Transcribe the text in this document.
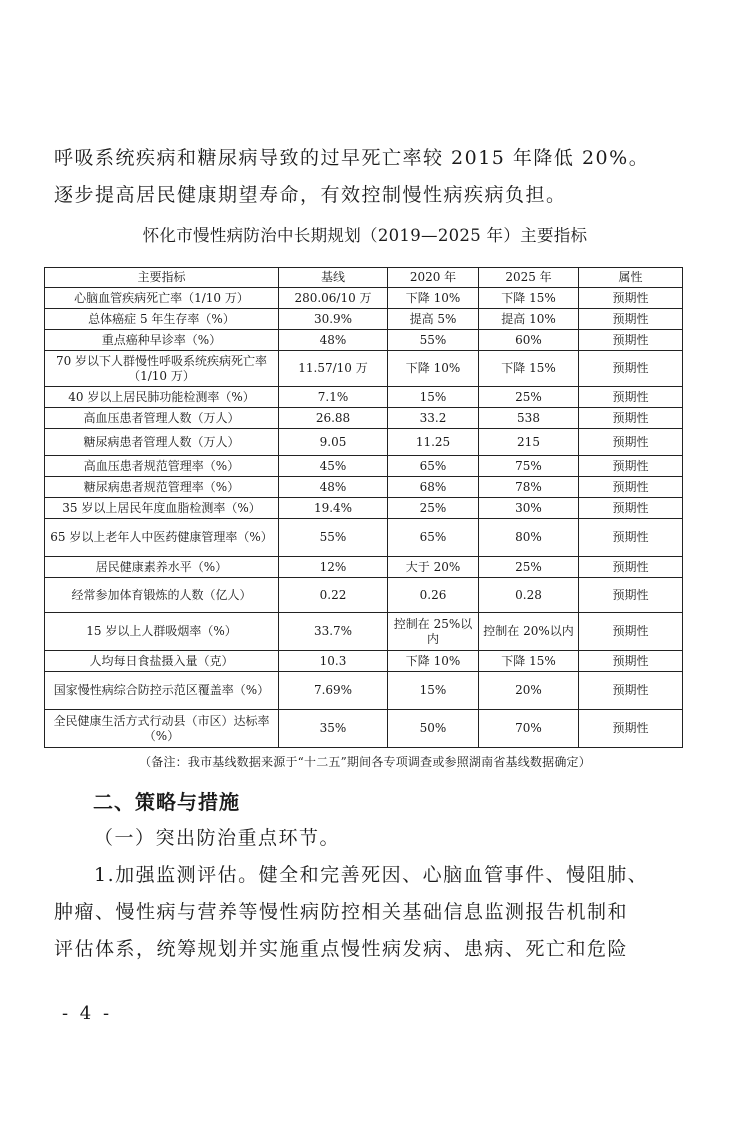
呼吸系统疾病和糖尿病导致的过早死亡率较 2015 年降低 20%。
逐步提高居民健康期望寿命，有效控制慢性病疾病负担。
怀化市慢性病防治中长期规划（2019—2025 年）主要指标
主要指标	基线	2020 年	2025 年	属性
心脑血管疾病死亡率（1/10 万）	280.06/10 万	下降 10%	下降 15%	预期性
总体癌症 5 年生存率（%）	30.9%	提高 5%	提高 10%	预期性
重点癌种早诊率（%）	48%	55%	60%	预期性
70 岁以下人群慢性呼吸系统疾病死亡率（1/10 万）	11.57/10 万	下降 10%	下降 15%	预期性
40 岁以上居民肺功能检测率（%）	7.1%	15%	25%	预期性
高血压患者管理人数（万人）	26.88	33.2	538	预期性
糖尿病患者管理人数（万人）	9.05	11.25	215	预期性
高血压患者规范管理率（%）	45%	65%	75%	预期性
糖尿病患者规范管理率（%）	48%	68%	78%	预期性
35 岁以上居民年度血脂检测率（%）	19.4%	25%	30%	预期性
65 岁以上老年人中医药健康管理率（%）	55%	65%	80%	预期性
居民健康素养水平（%）	12%	大于 20%	25%	预期性
经常参加体育锻炼的人数（亿人）	0.22	0.26	0.28	预期性
15 岁以上人群吸烟率（%）	33.7%	控制在 25%以内	控制在 20%以内	预期性
人均每日食盐摄入量（克）	10.3	下降 10%	下降 15%	预期性
国家慢性病综合防控示范区覆盖率（%）	7.69%	15%	20%	预期性
全民健康生活方式行动县（市区）达标率（%）	35%	50%	70%	预期性
（备注：我市基线数据来源于“十二五”期间各专项调查或参照湖南省基线数据确定）
二、策略与措施
（一）突出防治重点环节。
1.加强监测评估。健全和完善死因、心脑血管事件、慢阻肺、
肿瘤、慢性病与营养等慢性病防控相关基础信息监测报告机制和
评估体系，统筹规划并实施重点慢性病发病、患病、死亡和危险
- 4 -
